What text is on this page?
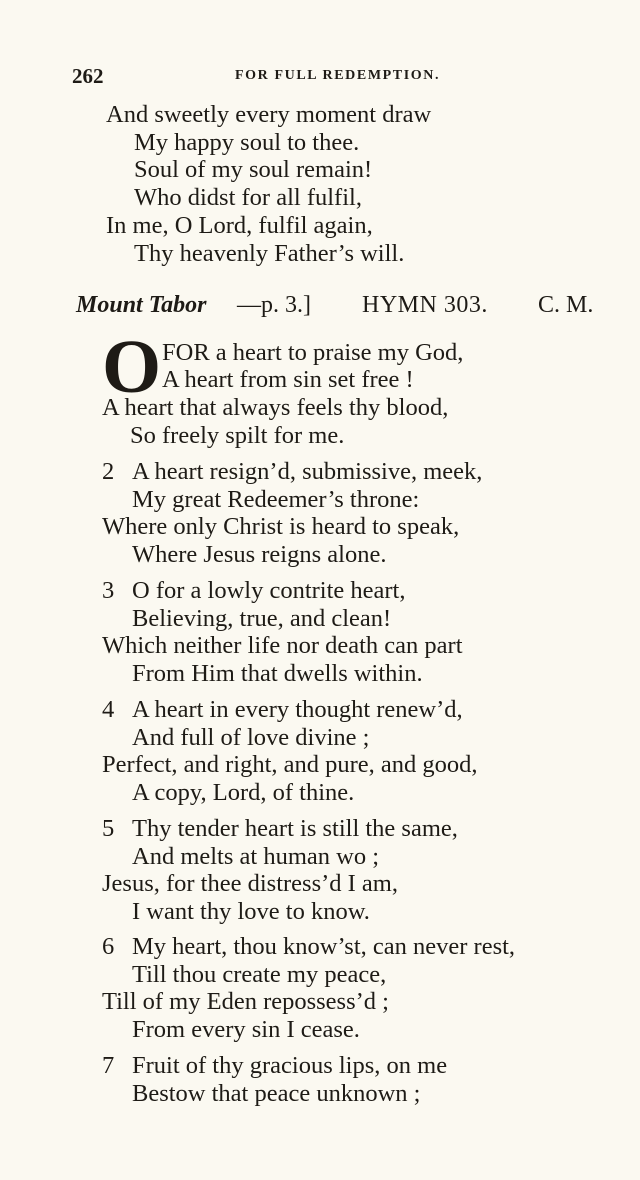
262	FOR FULL REDEMPTION.
And sweetly every moment draw
My happy soul to thee.
Soul of my soul remain!
Who didst for all fulfil,
In me, O Lord, fulfil again,
Thy heavenly Father’s will.
Mount Tabor —p. 3.] HYMN 303. C. M.
O FOR a heart to praise my God,
A heart from sin set free !
A heart that always feels thy blood,
So freely spilt for me.
2 A heart resign’d, submissive, meek,
My great Redeemer’s throne:
Where only Christ is heard to speak,
Where Jesus reigns alone.
3 O for a lowly contrite heart,
Believing, true, and clean!
Which neither life nor death can part
From Him that dwells within.
4 A heart in every thought renew’d,
And full of love divine ;
Perfect, and right, and pure, and good,
A copy, Lord, of thine.
5 Thy tender heart is still the same,
And melts at human wo ;
Jesus, for thee distress’d I am,
I want thy love to know.
6 My heart, thou know’st, can never rest,
Till thou create my peace,
Till of my Eden repossess’d ;
From every sin I cease.
7 Fruit of thy gracious lips, on me
Bestow that peace unknown ;
